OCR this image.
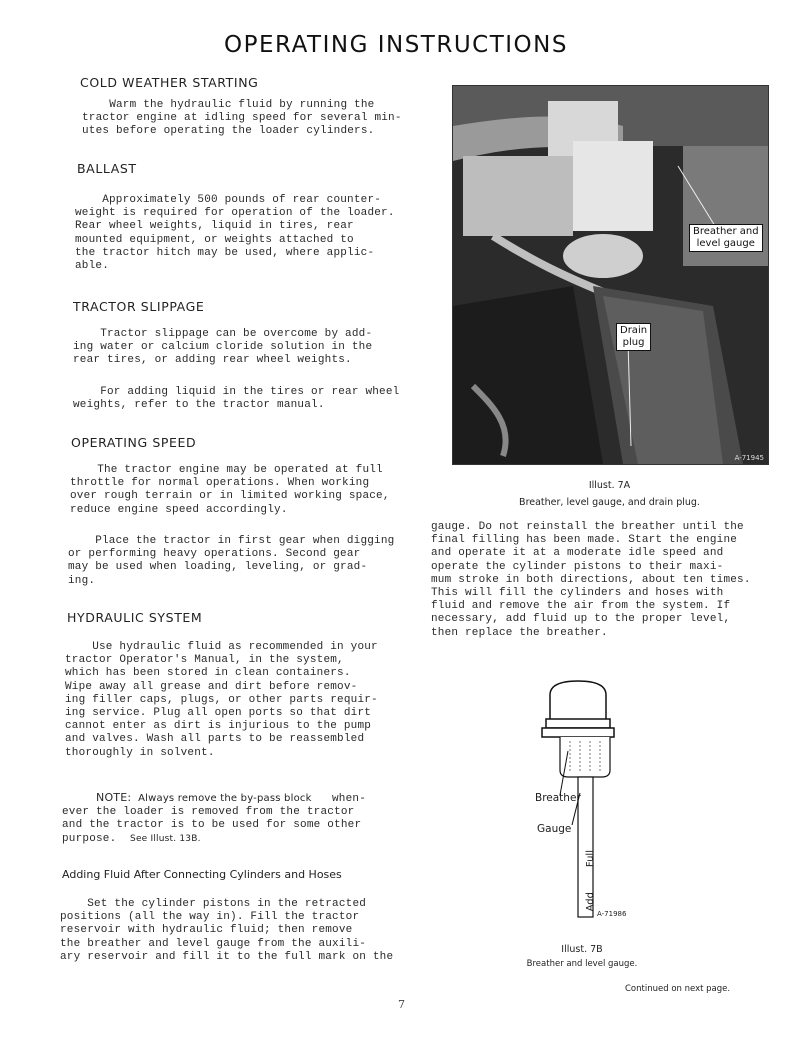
OPERATING INSTRUCTIONS
COLD WEATHER STARTING
Warm the hydraulic fluid by running the
tractor engine at idling speed for several min-
utes before operating the loader cylinders.
BALLAST
Approximately 500 pounds of rear counter-
weight is required for operation of the loader.
Rear wheel weights, liquid in tires, rear
mounted equipment, or weights attached to
the tractor hitch may be used, where applic-
able.
TRACTOR SLIPPAGE
Tractor slippage can be overcome by add-
ing water or calcium cloride solution in the
rear tires, or adding rear wheel weights.
For adding liquid in the tires or rear wheel
weights, refer to the tractor manual.
OPERATING SPEED
The tractor engine may be operated at full
throttle for normal operations. When working
over rough terrain or in limited working space,
reduce engine speed accordingly.
Place the tractor in first gear when digging
or performing heavy operations. Second gear
may be used when loading, leveling, or grad-
ing.
HYDRAULIC SYSTEM
Use hydraulic fluid as recommended in your
tractor Operator's Manual, in the system,
which has been stored in clean containers.
Wipe away all grease and dirt before remov-
ing filler caps, plugs, or other parts requir-
ing service. Plug all open ports so that dirt
cannot enter as dirt is injurious to the pump
and valves. Wash all parts to be reassembled
thoroughly in solvent.
NOTE: Always remove the by-pass block when-
ever the loader is removed from the tractor
and the tractor is to be used for some other
purpose. See Illust. 13B.
Adding Fluid After Connecting Cylinders and Hoses
Set the cylinder pistons in the retracted
positions (all the way in). Fill the tractor
reservoir with hydraulic fluid; then remove
the breather and level gauge from the auxili-
ary reservoir and fill it to the full mark on the
7
Breather and
level gauge
Drain
plug
A-71945
Illust. 7A
Breather, level gauge, and drain plug.
gauge. Do not reinstall the breather until the
final filling has been made. Start the engine
and operate it at a moderate idle speed and
operate the cylinder pistons to their maxi-
mum stroke in both directions, about ten times.
This will fill the cylinders and hoses with
fluid and remove the air from the system. If
necessary, add fluid up to the proper level,
then replace the breather.
Breather
Gauge
Full
Add
A-71986
Illust. 7B
Breather and level gauge.
Continued on next page.
